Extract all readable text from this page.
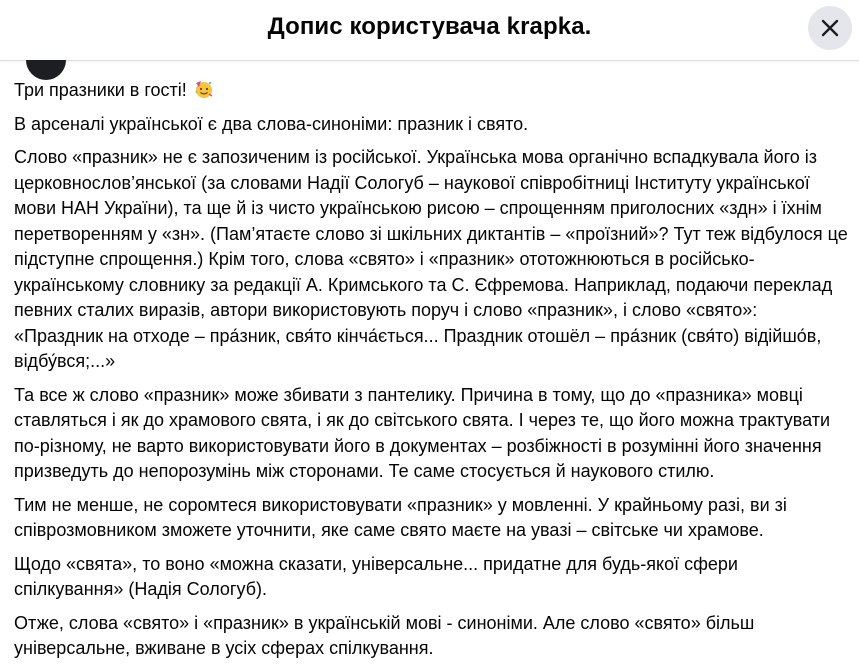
Допис користувача krapka.

Три празники в гості!

В арсеналі української є два слова-синоніми: празник і свято.

Слово «празник» не є запозиченим із російської. Українська мова органічно вспадкувала його із церковнослов’янської (за словами Надії Сологуб – наукової співробітниці Інституту української мови НАН України), та ще й із чисто українською рисою – спрощенням приголосних «здн» і їхнім перетворенням у «зн». (Пам’ятаєте слово зі шкільних диктантів – «проїзний»? Тут теж відбулося це підступне спрощення.) Крім того, слова «свято» і «празник» ототожнюються в російсько-українському словнику за редакції А. Кримського та С. Єфремова. Наприклад, подаючи переклад певних сталих виразів, автори використовують поруч і слово «празник», і слово «свято»: «Праздник на отходе – пра́зник, свя́то кінча́ється... Праздник отошёл – пра́зник (свя́то) відійшо́в, відбу́вся;...»

Та все ж слово «празник» може збивати з пантелику. Причина в тому, що до «празника» мовці ставляться і як до храмового свята, і як до світського свята. І через те, що його можна трактувати по-різному, не варто використовувати його в документах – розбіжності в розумінні його значення призведуть до непорозумінь між сторонами. Те саме стосується й наукового стилю.

Тим не менше, не соромтеся використовувати «празник» у мовленні. У крайньому разі, ви зі співрозмовником зможете уточнити, яке саме свято маєте на увазі – світське чи храмове.

Щодо «свята», то воно «можна сказати, універсальне... придатне для будь-якої сфери спілкування» (Надія Сологуб).

Отже, слова «свято» і «празник» в українській мові - синоніми. Але слово «свято» більш універсальне, вживане в усіх сферах спілкування.
